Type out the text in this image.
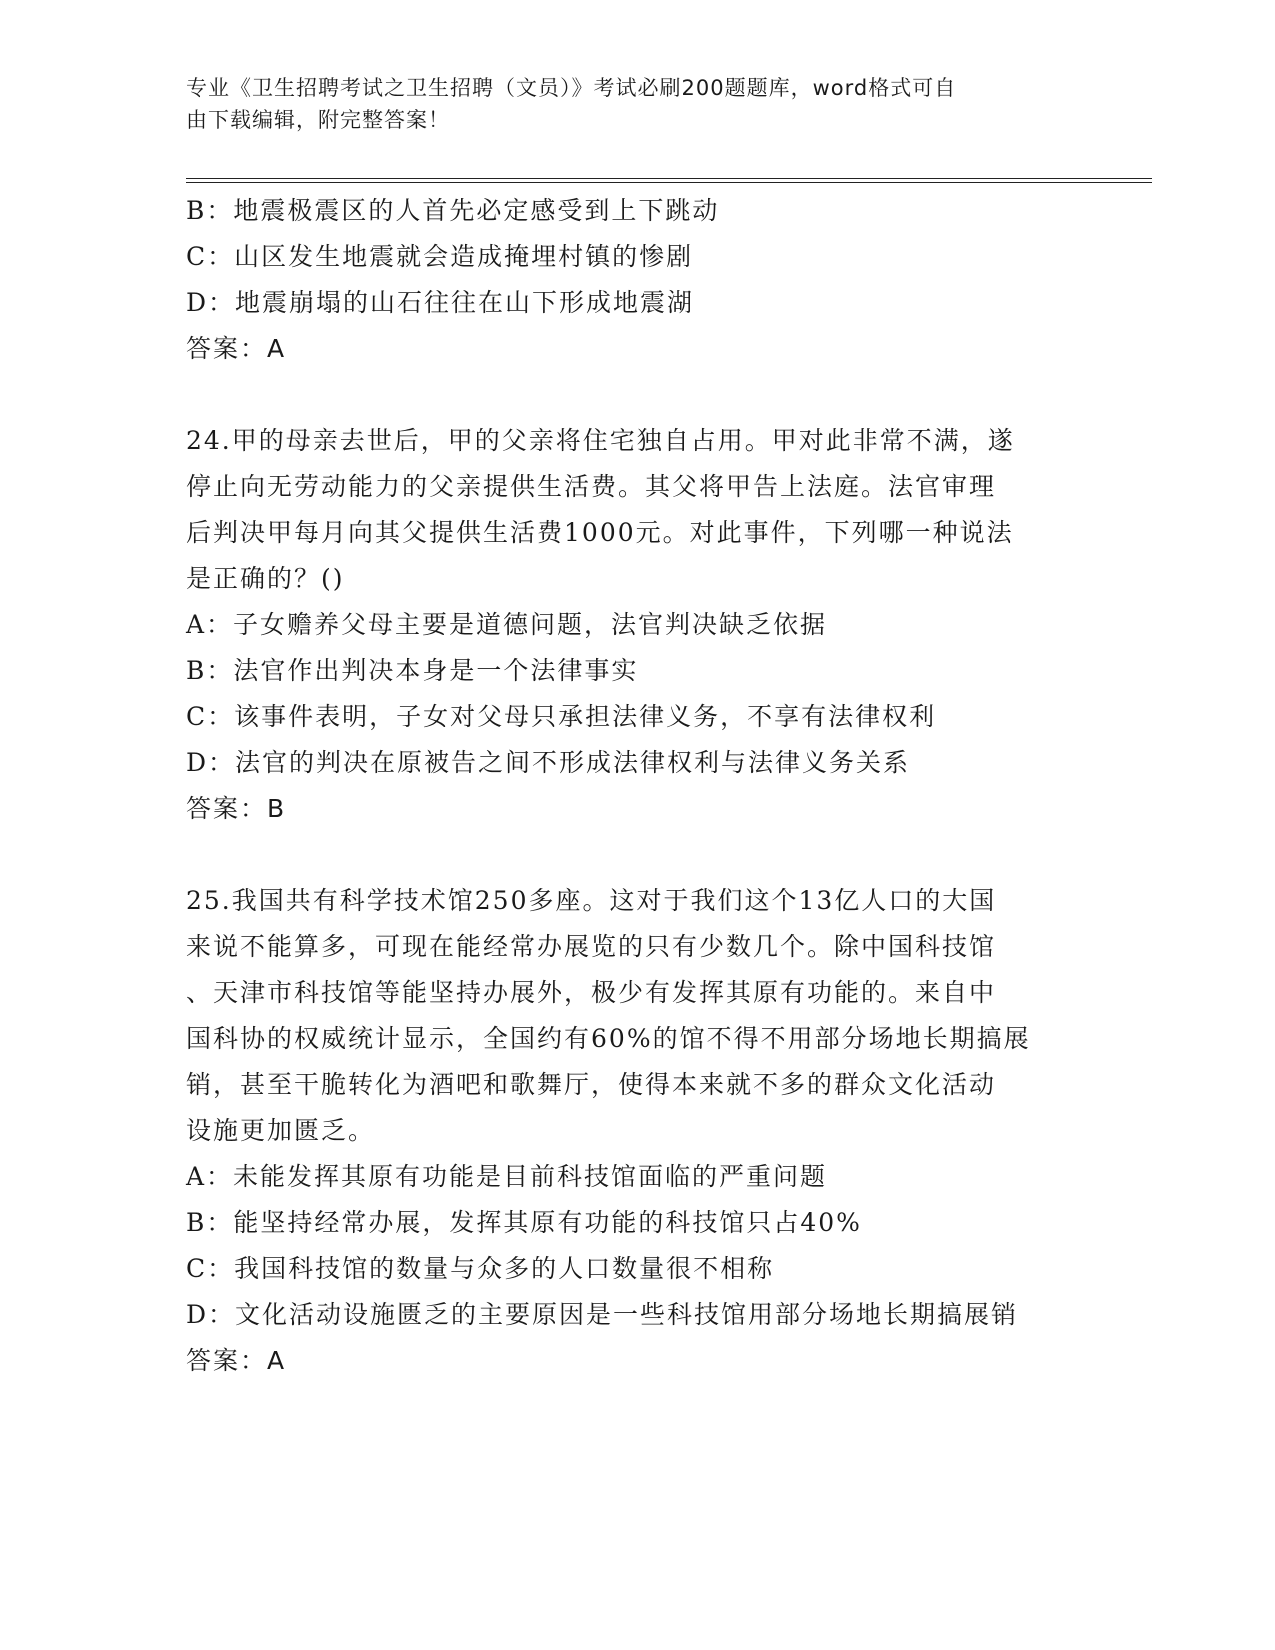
专业《卫生招聘考试之卫生招聘（文员）》考试必刷200题题库，word格式可自
由下载编辑，附完整答案！
B：地震极震区的人首先必定感受到上下跳动
C：山区发生地震就会造成掩埋村镇的惨剧
D：地震崩塌的山石往往在山下形成地震湖
答案：A
24.甲的母亲去世后，甲的父亲将住宅独自占用。甲对此非常不满，遂
停止向无劳动能力的父亲提供生活费。其父将甲告上法庭。法官审理
后判决甲每月向其父提供生活费1000元。对此事件，下列哪一种说法
是正确的？()
A：子女赡养父母主要是道德问题，法官判决缺乏依据
B：法官作出判决本身是一个法律事实
C：该事件表明，子女对父母只承担法律义务，不享有法律权利
D：法官的判决在原被告之间不形成法律权利与法律义务关系
答案：B
25.我国共有科学技术馆250多座。这对于我们这个13亿人口的大国
来说不能算多，可现在能经常办展览的只有少数几个。除中国科技馆
、天津市科技馆等能坚持办展外，极少有发挥其原有功能的。来自中
国科协的权威统计显示，全国约有60%的馆不得不用部分场地长期搞展
销，甚至干脆转化为酒吧和歌舞厅，使得本来就不多的群众文化活动
设施更加匮乏。
A：未能发挥其原有功能是目前科技馆面临的严重问题
B：能坚持经常办展，发挥其原有功能的科技馆只占40%
C：我国科技馆的数量与众多的人口数量很不相称
D：文化活动设施匮乏的主要原因是一些科技馆用部分场地长期搞展销
答案：A
